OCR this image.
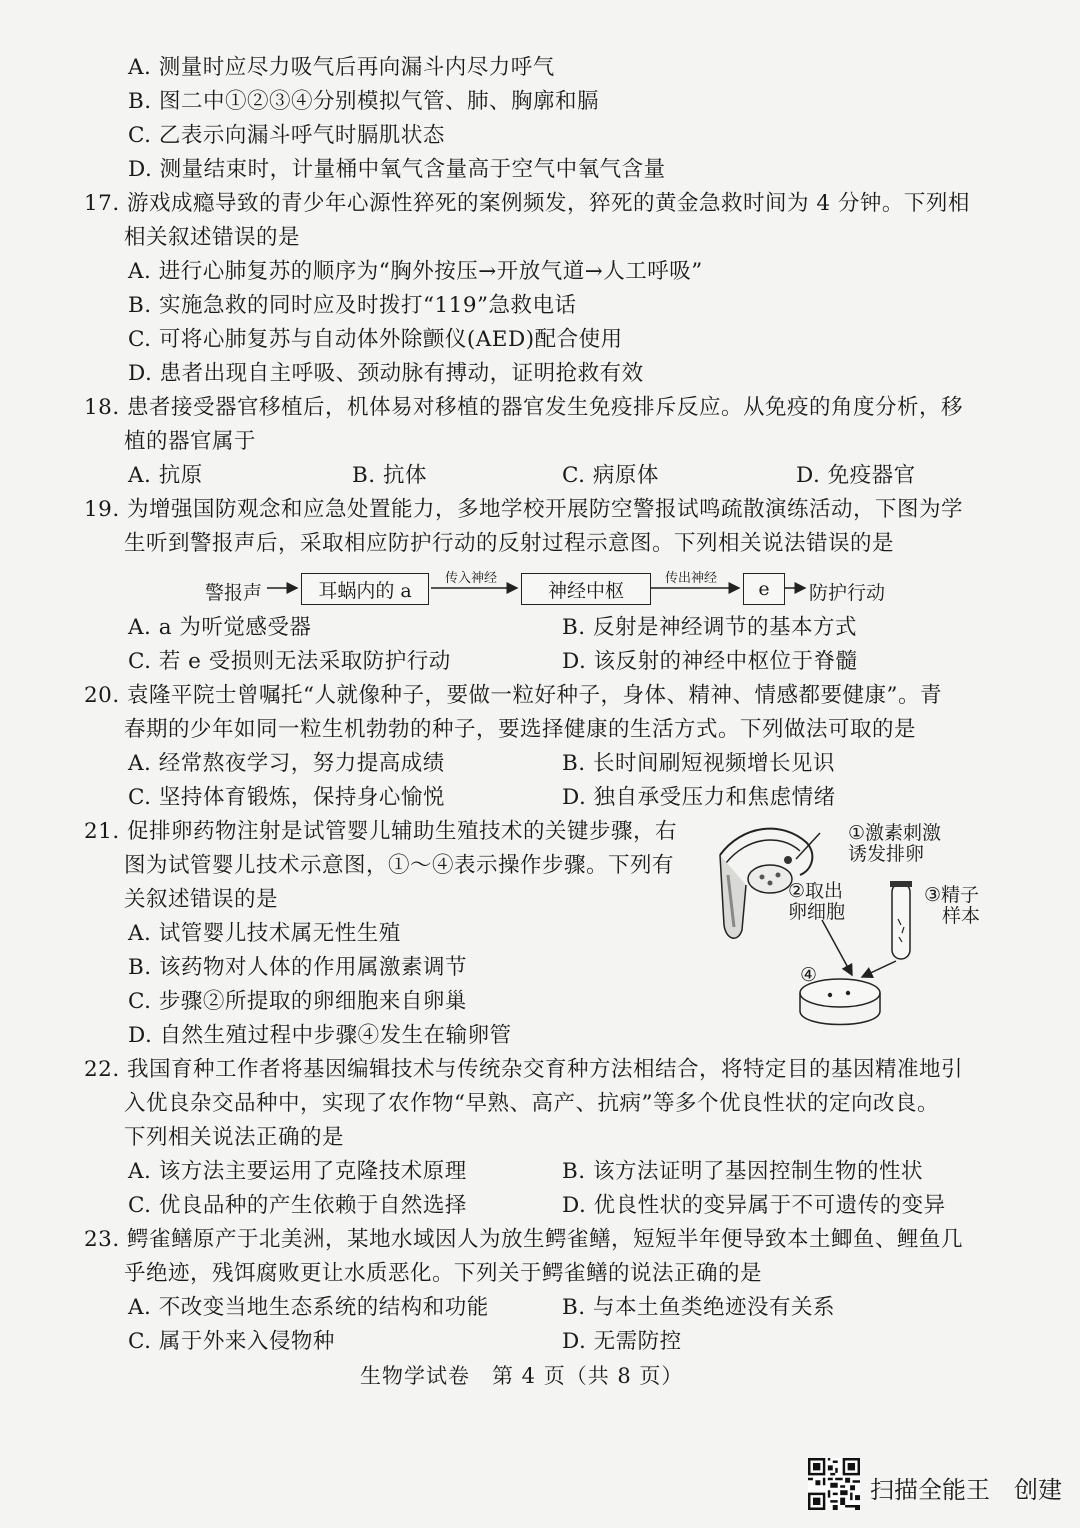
A. 测量时应尽力吸气后再向漏斗内尽力呼气
B. 图二中①②③④分别模拟气管、肺、胸廓和膈
C. 乙表示向漏斗呼气时膈肌状态
D. 测量结束时，计量桶中氧气含量高于空气中氧气含量
17. 游戏成瘾导致的青少年心源性猝死的案例频发，猝死的黄金急救时间为 4 分钟。下列相
相关叙述错误的是
A. 进行心肺复苏的顺序为“胸外按压→开放气道→人工呼吸”
B. 实施急救的同时应及时拨打“119”急救电话
C. 可将心肺复苏与自动体外除颤仪(AED)配合使用
D. 患者出现自主呼吸、颈动脉有搏动，证明抢救有效
18. 患者接受器官移植后，机体易对移植的器官发生免疫排斥反应。从免疫的角度分析，移
植的器官属于
A. 抗原	B. 抗体	C. 病原体	D. 免疫器官
19. 为增强国防观念和应急处置能力，多地学校开展防空警报试鸣疏散演练活动，下图为学
生听到警报声后，采取相应防护行动的反射过程示意图。下列相关说法错误的是
警报声	耳蜗内的 a
传入神经
神经中枢
传出神经 e 防护行动
A. a 为听觉感受器	B. 反射是神经调节的基本方式
C. 若 e 受损则无法采取防护行动	D. 该反射的神经中枢位于脊髓
20. 袁隆平院士曾嘱托“人就像种子，要做一粒好种子，身体、精神、情感都要健康”。青
春期的少年如同一粒生机勃勃的种子，要选择健康的生活方式。下列做法可取的是
A. 经常熬夜学习，努力提高成绩	B. 长时间刷短视频增长见识
C. 坚持体育锻炼，保持身心愉悦	D. 独自承受压力和焦虑情绪
21. 促排卵药物注射是试管婴儿辅助生殖技术的关键步骤，右
图为试管婴儿技术示意图，①～④表示操作步骤。下列有
关叙述错误的是
A. 试管婴儿技术属无性生殖
B. 该药物对人体的作用属激素调节
C. 步骤②所提取的卵细胞来自卵巢
D. 自然生殖过程中步骤④发生在输卵管
①激素刺激
诱发排卵
②取出
卵细胞
③精子
样本
④
22. 我国育种工作者将基因编辑技术与传统杂交育种方法相结合，将特定目的基因精准地引
入优良杂交品种中，实现了农作物“早熟、高产、抗病”等多个优良性状的定向改良。
下列相关说法正确的是
A. 该方法主要运用了克隆技术原理	B. 该方法证明了基因控制生物的性状
C. 优良品种的产生依赖于自然选择	D. 优良性状的变异属于不可遗传的变异
23. 鳄雀鳝原产于北美洲，某地水域因人为放生鳄雀鳝，短短半年便导致本土鲫鱼、鲤鱼几
乎绝迹，残饵腐败更让水质恶化。下列关于鳄雀鳝的说法正确的是
A. 不改变当地生态系统的结构和功能	B. 与本土鱼类绝迹没有关系
C. 属于外来入侵物种	D. 无需防控
生物学试卷　第 4 页（共 8 页）
扫描全能王　创建
